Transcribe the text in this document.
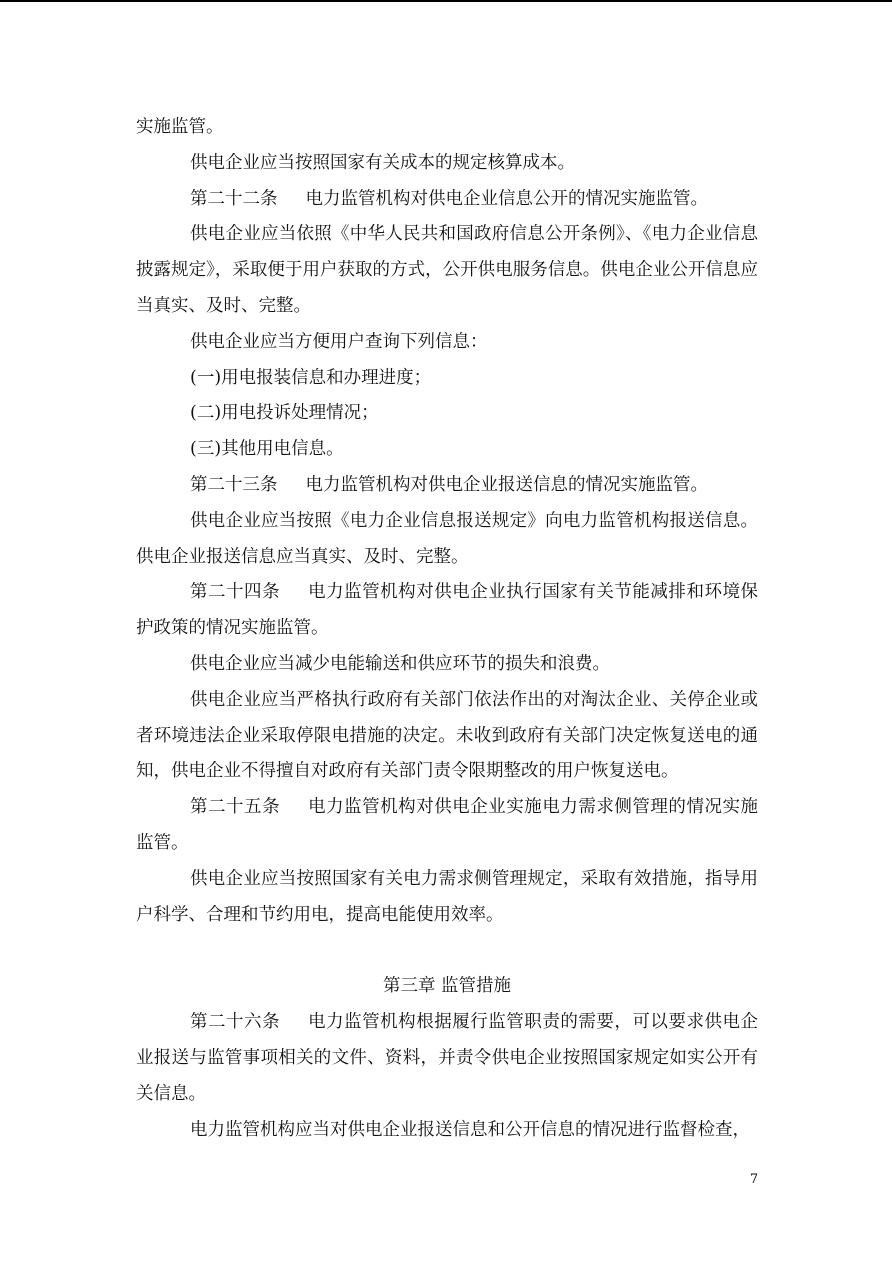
实施监管。

供电企业应当按照国家有关成本的规定核算成本。

第二十二条 电力监管机构对供电企业信息公开的情况实施监管。

供电企业应当依照《中华人民共和国政府信息公开条例》、《电力企业信息披露规定》，采取便于用户获取的方式，公开供电服务信息。供电企业公开信息应当真实、及时、完整。

供电企业应当方便用户查询下列信息：

(一)用电报装信息和办理进度；

(二)用电投诉处理情况；

(三)其他用电信息。

第二十三条 电力监管机构对供电企业报送信息的情况实施监管。

供电企业应当按照《电力企业信息报送规定》向电力监管机构报送信息。供电企业报送信息应当真实、及时、完整。

第二十四条 电力监管机构对供电企业执行国家有关节能减排和环境保护政策的情况实施监管。

供电企业应当减少电能输送和供应环节的损失和浪费。

供电企业应当严格执行政府有关部门依法作出的对淘汰企业、关停企业或者环境违法企业采取停限电措施的决定。未收到政府有关部门决定恢复送电的通知，供电企业不得擅自对政府有关部门责令限期整改的用户恢复送电。

第二十五条 电力监管机构对供电企业实施电力需求侧管理的情况实施监管。

供电企业应当按照国家有关电力需求侧管理规定，采取有效措施，指导用户科学、合理和节约用电，提高电能使用效率。

第三章 监管措施

第二十六条 电力监管机构根据履行监管职责的需要，可以要求供电企业报送与监管事项相关的文件、资料，并责令供电企业按照国家规定如实公开有关信息。

电力监管机构应当对供电企业报送信息和公开信息的情况进行监督检查，

7
